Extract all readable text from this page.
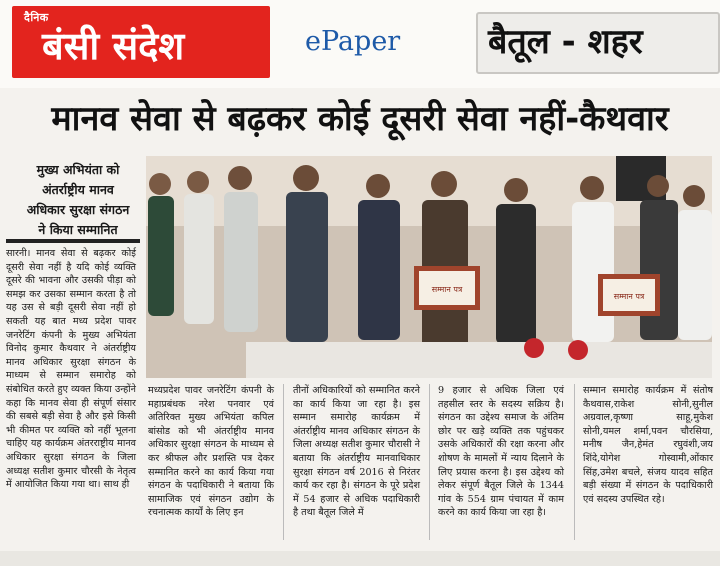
दैनिक
बंसी संदेश	ePaper	बैतूल - शहर
मानव सेवा से बढ़कर कोई दूसरी सेवा नहीं-कैथवार
मुख्य अभियंता को अंतर्राष्ट्रीय मानव अधिकार सुरक्षा संगठन ने किया सम्मानित
सम्मान पत्र
सम्मान पत्र
सारनी। मानव सेवा से बढ़कर कोई दूसरी सेवा नहीं है यदि कोई व्यक्ति दूसरे की भावना और उसकी पीड़ा को समझ कर उसका सम्मान करता है तो यह उस से बड़ी दूसरी सेवा नहीं हो सकती यह बात मध्य प्रदेश पावर जनरेटिंग कंपनी के मुख्य अभियंता विनोद कुमार कैथवार ने अंतर्राष्ट्रीय मानव अधिकार सुरक्षा संगठन के माध्यम से सम्मान समारोह को संबोधित करते हुए व्यक्त किया उन्होंने कहा कि मानव सेवा ही संपूर्ण संसार की सबसे बड़ी सेवा है और इसे किसी भी कीमत पर व्यक्ति को नहीं भूलना चाहिए यह कार्यक्रम अंतरराष्ट्रीय मानव अधिकार सुरक्षा संगठन के जिला अध्यक्ष सतीश कुमार चौरसी के नेतृत्व में आयोजित किया गया था। साथ ही
मध्यप्रदेश पावर जनरेटिंग कंपनी के महाप्रबंधक नरेश पनवार एवं अतिरिक्त मुख्य अभियंता कपिल बांसोड को भी अंतर्राष्ट्रीय मानव अधिकार सुरक्षा संगठन के माध्यम से कर श्रीफल और प्रशस्ति पत्र देकर सम्मानित करने का कार्य किया गया संगठन के पदाधिकारी ने बताया कि सामाजिक एवं संगठन उद्योग के रचनात्मक कार्यों के लिए इन
तीनों अधिकारियों को सम्मानित करने का कार्य किया जा रहा है। इस सम्मान समारोह कार्यक्रम में अंतर्राष्ट्रीय मानव अधिकार संगठन के जिला अध्यक्ष सतीश कुमार चौरासी ने बताया कि अंतर्राष्ट्रीय मानवाधिकार सुरक्षा संगठन वर्ष 2016 से निरंतर कार्य कर रहा है। संगठन के पूरे प्रदेश में 54 हजार से अधिक पदाधिकारी है तथा बैतूल जिले में
9 हजार से अधिक जिला एवं तहसील स्तर के सदस्य सक्रिय है। संगठन का उद्देश्य समाज के अंतिम छोर पर खड़े व्यक्ति तक पहुंचकर उसके अधिकारों की रक्षा करना और शोषण के मामलों में न्याय दिलाने के लिए प्रयास करना है। इस उद्देश्य को लेकर संपूर्ण बैतूल जिले के 1344 गांव के 554 ग्राम पंचायत में काम करने का कार्य किया जा रहा है।
सम्मान समारोह कार्यक्रम में संतोष कैथवास,राकेश सोनी,सुनील अग्रवाल,कृष्णा साहू,मुकेश सोनी,यमल शर्मा,पवन चौरसिया, मनीष जैन,हेमंत रघुवंशी,जय शिंदे,योगेश गोस्वामी,ओंकार सिंह,उमेश बचले, संजय यादव सहित बड़ी संख्या में संगठन के पदाधिकारी एवं सदस्य उपस्थित रहे।
